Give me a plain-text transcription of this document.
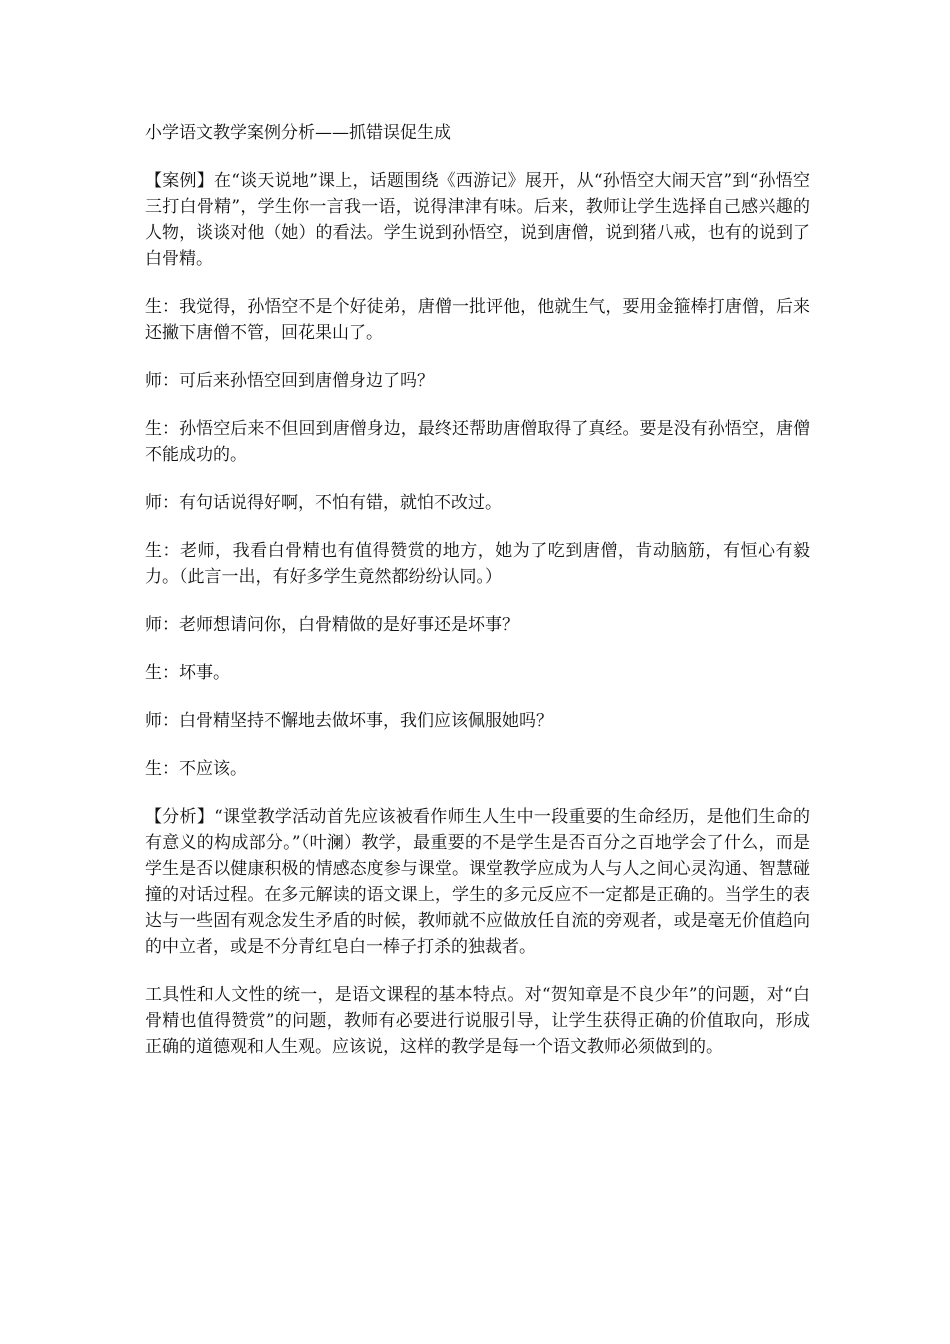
小学语文教学案例分析——抓错误促生成

【案例】在“谈天说地”课上，话题围绕《西游记》展开，从“孙悟空大闹天宫”到“孙悟空三打白骨精”，学生你一言我一语，说得津津有味。后来，教师让学生选择自己感兴趣的人物，谈谈对他（她）的看法。学生说到孙悟空，说到唐僧，说到猪八戒，也有的说到了白骨精。

生：我觉得，孙悟空不是个好徒弟，唐僧一批评他，他就生气，要用金箍棒打唐僧，后来还撇下唐僧不管，回花果山了。

师：可后来孙悟空回到唐僧身边了吗？

生：孙悟空后来不但回到唐僧身边，最终还帮助唐僧取得了真经。要是没有孙悟空，唐僧不能成功的。

师：有句话说得好啊，不怕有错，就怕不改过。

生：老师，我看白骨精也有值得赞赏的地方，她为了吃到唐僧，肯动脑筋，有恒心有毅力。（此言一出，有好多学生竟然都纷纷认同。）

师：老师想请问你，白骨精做的是好事还是坏事？

生：坏事。

师：白骨精坚持不懈地去做坏事，我们应该佩服她吗？

生：不应该。

【分析】“课堂教学活动首先应该被看作师生人生中一段重要的生命经历，是他们生命的有意义的构成部分。”（叶澜）教学，最重要的不是学生是否百分之百地学会了什么，而是学生是否以健康积极的情感态度参与课堂。课堂教学应成为人与人之间心灵沟通、智慧碰撞的对话过程。在多元解读的语文课上，学生的多元反应不一定都是正确的。当学生的表达与一些固有观念发生矛盾的时候，教师就不应做放任自流的旁观者，或是毫无价值趋向的中立者，或是不分青红皂白一棒子打杀的独裁者。

工具性和人文性的统一，是语文课程的基本特点。对“贺知章是不良少年”的问题，对“白骨精也值得赞赏”的问题，教师有必要进行说服引导，让学生获得正确的价值取向，形成正确的道德观和人生观。应该说，这样的教学是每一个语文教师必须做到的。
